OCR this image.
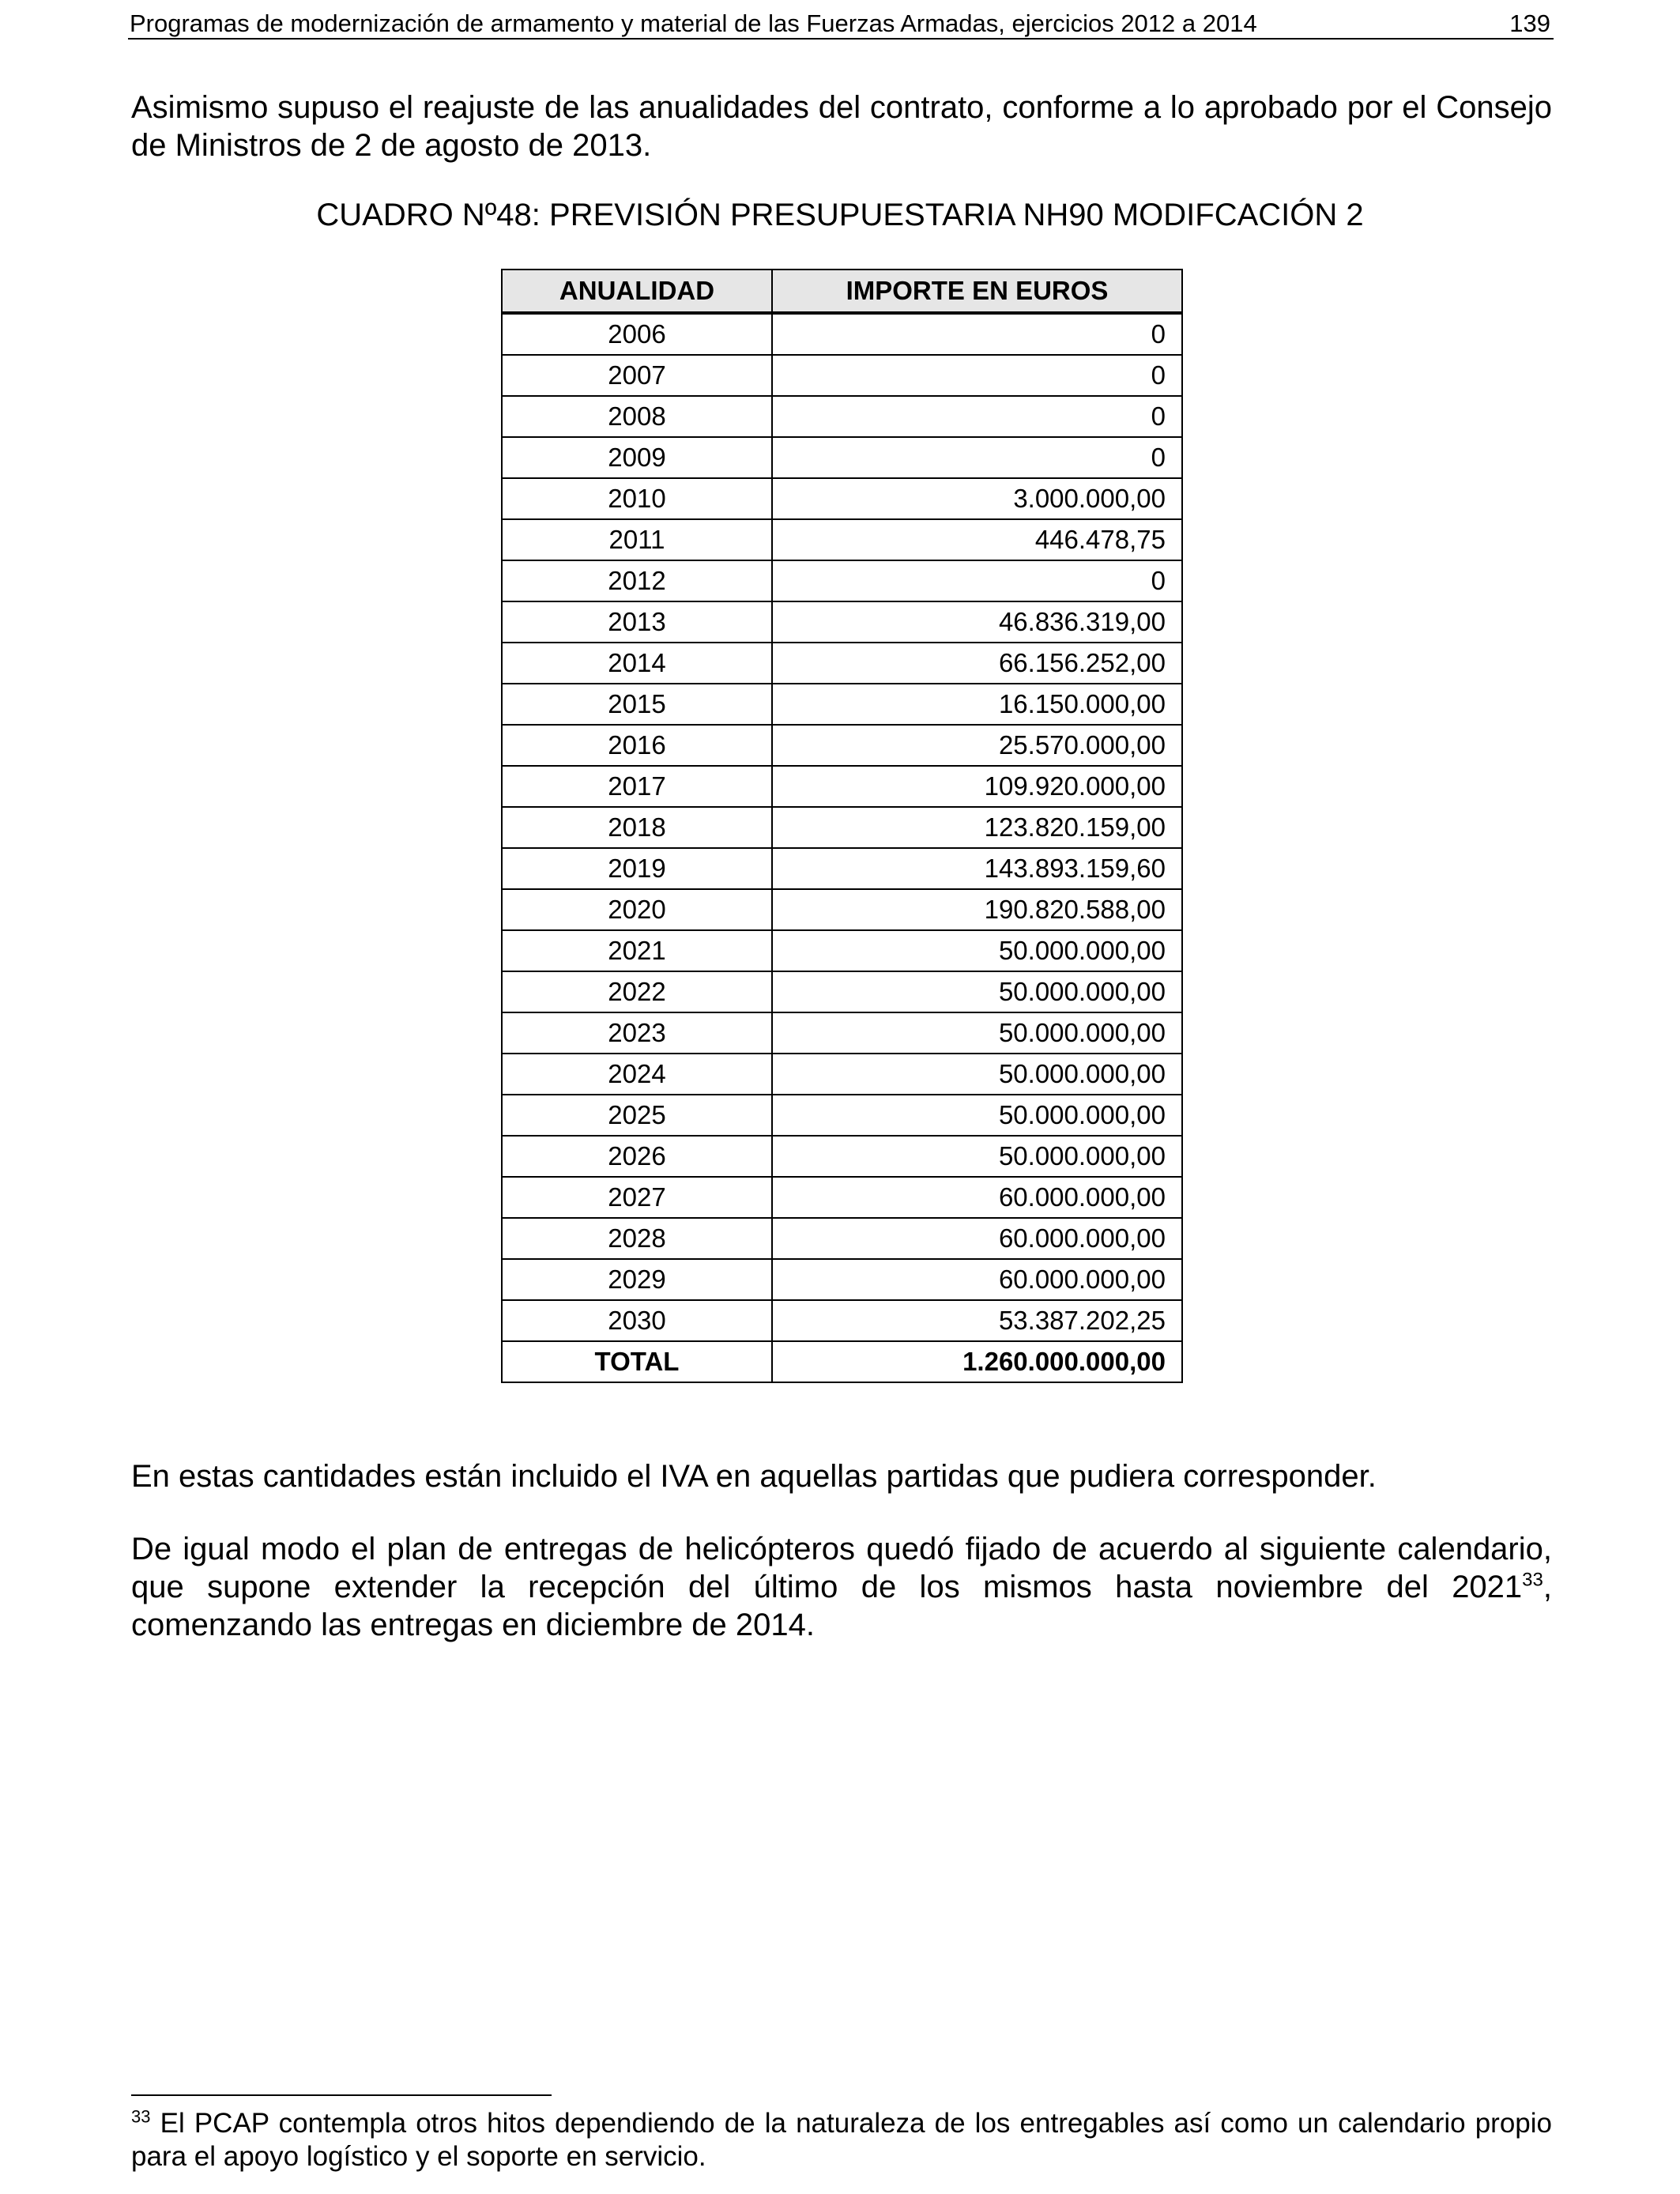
Programas de modernización de armamento y material de las Fuerzas Armadas, ejercicios 2012 a 2014	139

Asimismo supuso el reajuste de las anualidades del contrato, conforme a lo aprobado por el Consejo de Ministros de 2 de agosto de 2013.

CUADRO Nº48: PREVISIÓN PRESUPUESTARIA NH90 MODIFCACIÓN 2
ANUALIDAD	IMPORTE EN EUROS
2006	0
2007	0
2008	0
2009	0
2010	3.000.000,00
2011	446.478,75
2012	0
2013	46.836.319,00
2014	66.156.252,00
2015	16.150.000,00
2016	25.570.000,00
2017	109.920.000,00
2018	123.820.159,00
2019	143.893.159,60
2020	190.820.588,00
2021	50.000.000,00
2022	50.000.000,00
2023	50.000.000,00
2024	50.000.000,00
2025	50.000.000,00
2026	50.000.000,00
2027	60.000.000,00
2028	60.000.000,00
2029	60.000.000,00
2030	53.387.202,25
TOTAL	1.260.000.000,00

En estas cantidades están incluido el IVA en aquellas partidas que pudiera corresponder.

De igual modo el plan de entregas de helicópteros quedó fijado de acuerdo al siguiente calendario, que supone extender la recepción del último de los mismos hasta noviembre del 2021$^{33}$, comenzando las entregas en diciembre de 2014.

$^{33}$ El PCAP contempla otros hitos dependiendo de la naturaleza de los entregables así como un calendario propio para el apoyo logístico y el soporte en servicio.
